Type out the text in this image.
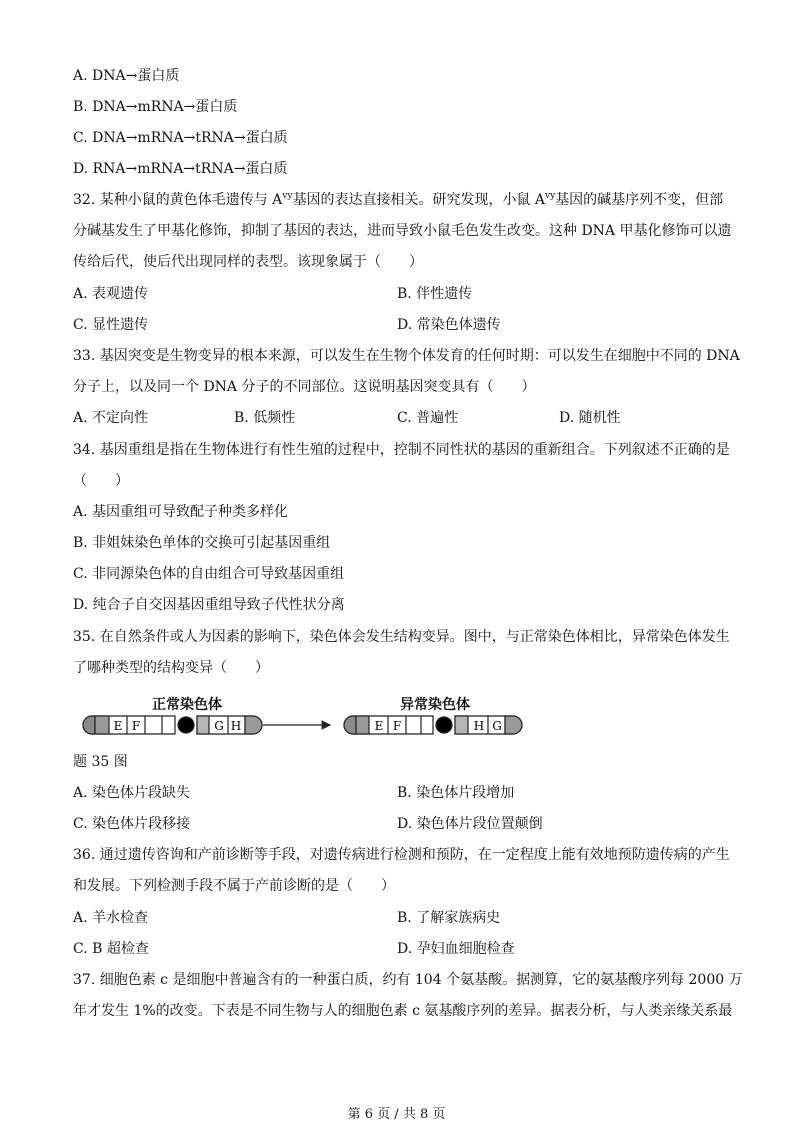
A. DNA→蛋白质
B. DNA→mRNA→蛋白质
C. DNA→mRNA→tRNA→蛋白质
D. RNA→mRNA→tRNA→蛋白质
32. 某种小鼠的黄色体毛遗传与 $A^{vy}$基因的表达直接相关。研究发现，小鼠 $A^{vy}$基因的碱基序列不变，但部
分碱基发生了甲基化修饰，抑制了基因的表达，进而导致小鼠毛色发生改变。这种 DNA 甲基化修饰可以遗
传给后代，使后代出现同样的表型。该现象属于（　　）
A. 表观遗传	B. 伴性遗传
C. 显性遗传	D. 常染色体遗传
33. 基因突变是生物变异的根本来源，可以发生在生物个体发育的任何时期：可以发生在细胞中不同的 DNA
分子上，以及同一个 DNA 分子的不同部位。这说明基因突变具有（　　）
A. 不定向性	B. 低频性	C. 普遍性	D. 随机性
34. 基因重组是指在生物体进行有性生殖的过程中，控制不同性状的基因的重新组合。下列叙述不正确的是
（　　）
A. 基因重组可导致配子种类多样化
B. 非姐妹染色单体的交换可引起基因重组
C. 非同源染色体的自由组合可导致基因重组
D. 纯合子自交因基因重组导致子代性状分离
35. 在自然条件或人为因素的影响下，染色体会发生结构变异。图中，与正常染色体相比，异常染色体发生
了哪种类型的结构变异（　　）
正常染色体	异常染色体
E F	G H	E F	H G
题 35 图
A. 染色体片段缺失	B. 染色体片段增加
C. 染色体片段移接	D. 染色体片段位置颠倒
36. 通过遗传咨询和产前诊断等手段，对遗传病进行检测和预防，在一定程度上能有效地预防遗传病的产生
和发展。下列检测手段不属于产前诊断的是（　　）
A. 羊水检查	B. 了解家族病史
C. B 超检查	D. 孕妇血细胞检查
37. 细胞色素 c 是细胞中普遍含有的一种蛋白质，约有 104 个氨基酸。据测算，它的氨基酸序列每 2000 万
年才发生 1%的改变。下表是不同生物与人的细胞色素 c 氨基酸序列的差异。据表分析，与人类亲缘关系最
第 6 页 / 共 8 页
